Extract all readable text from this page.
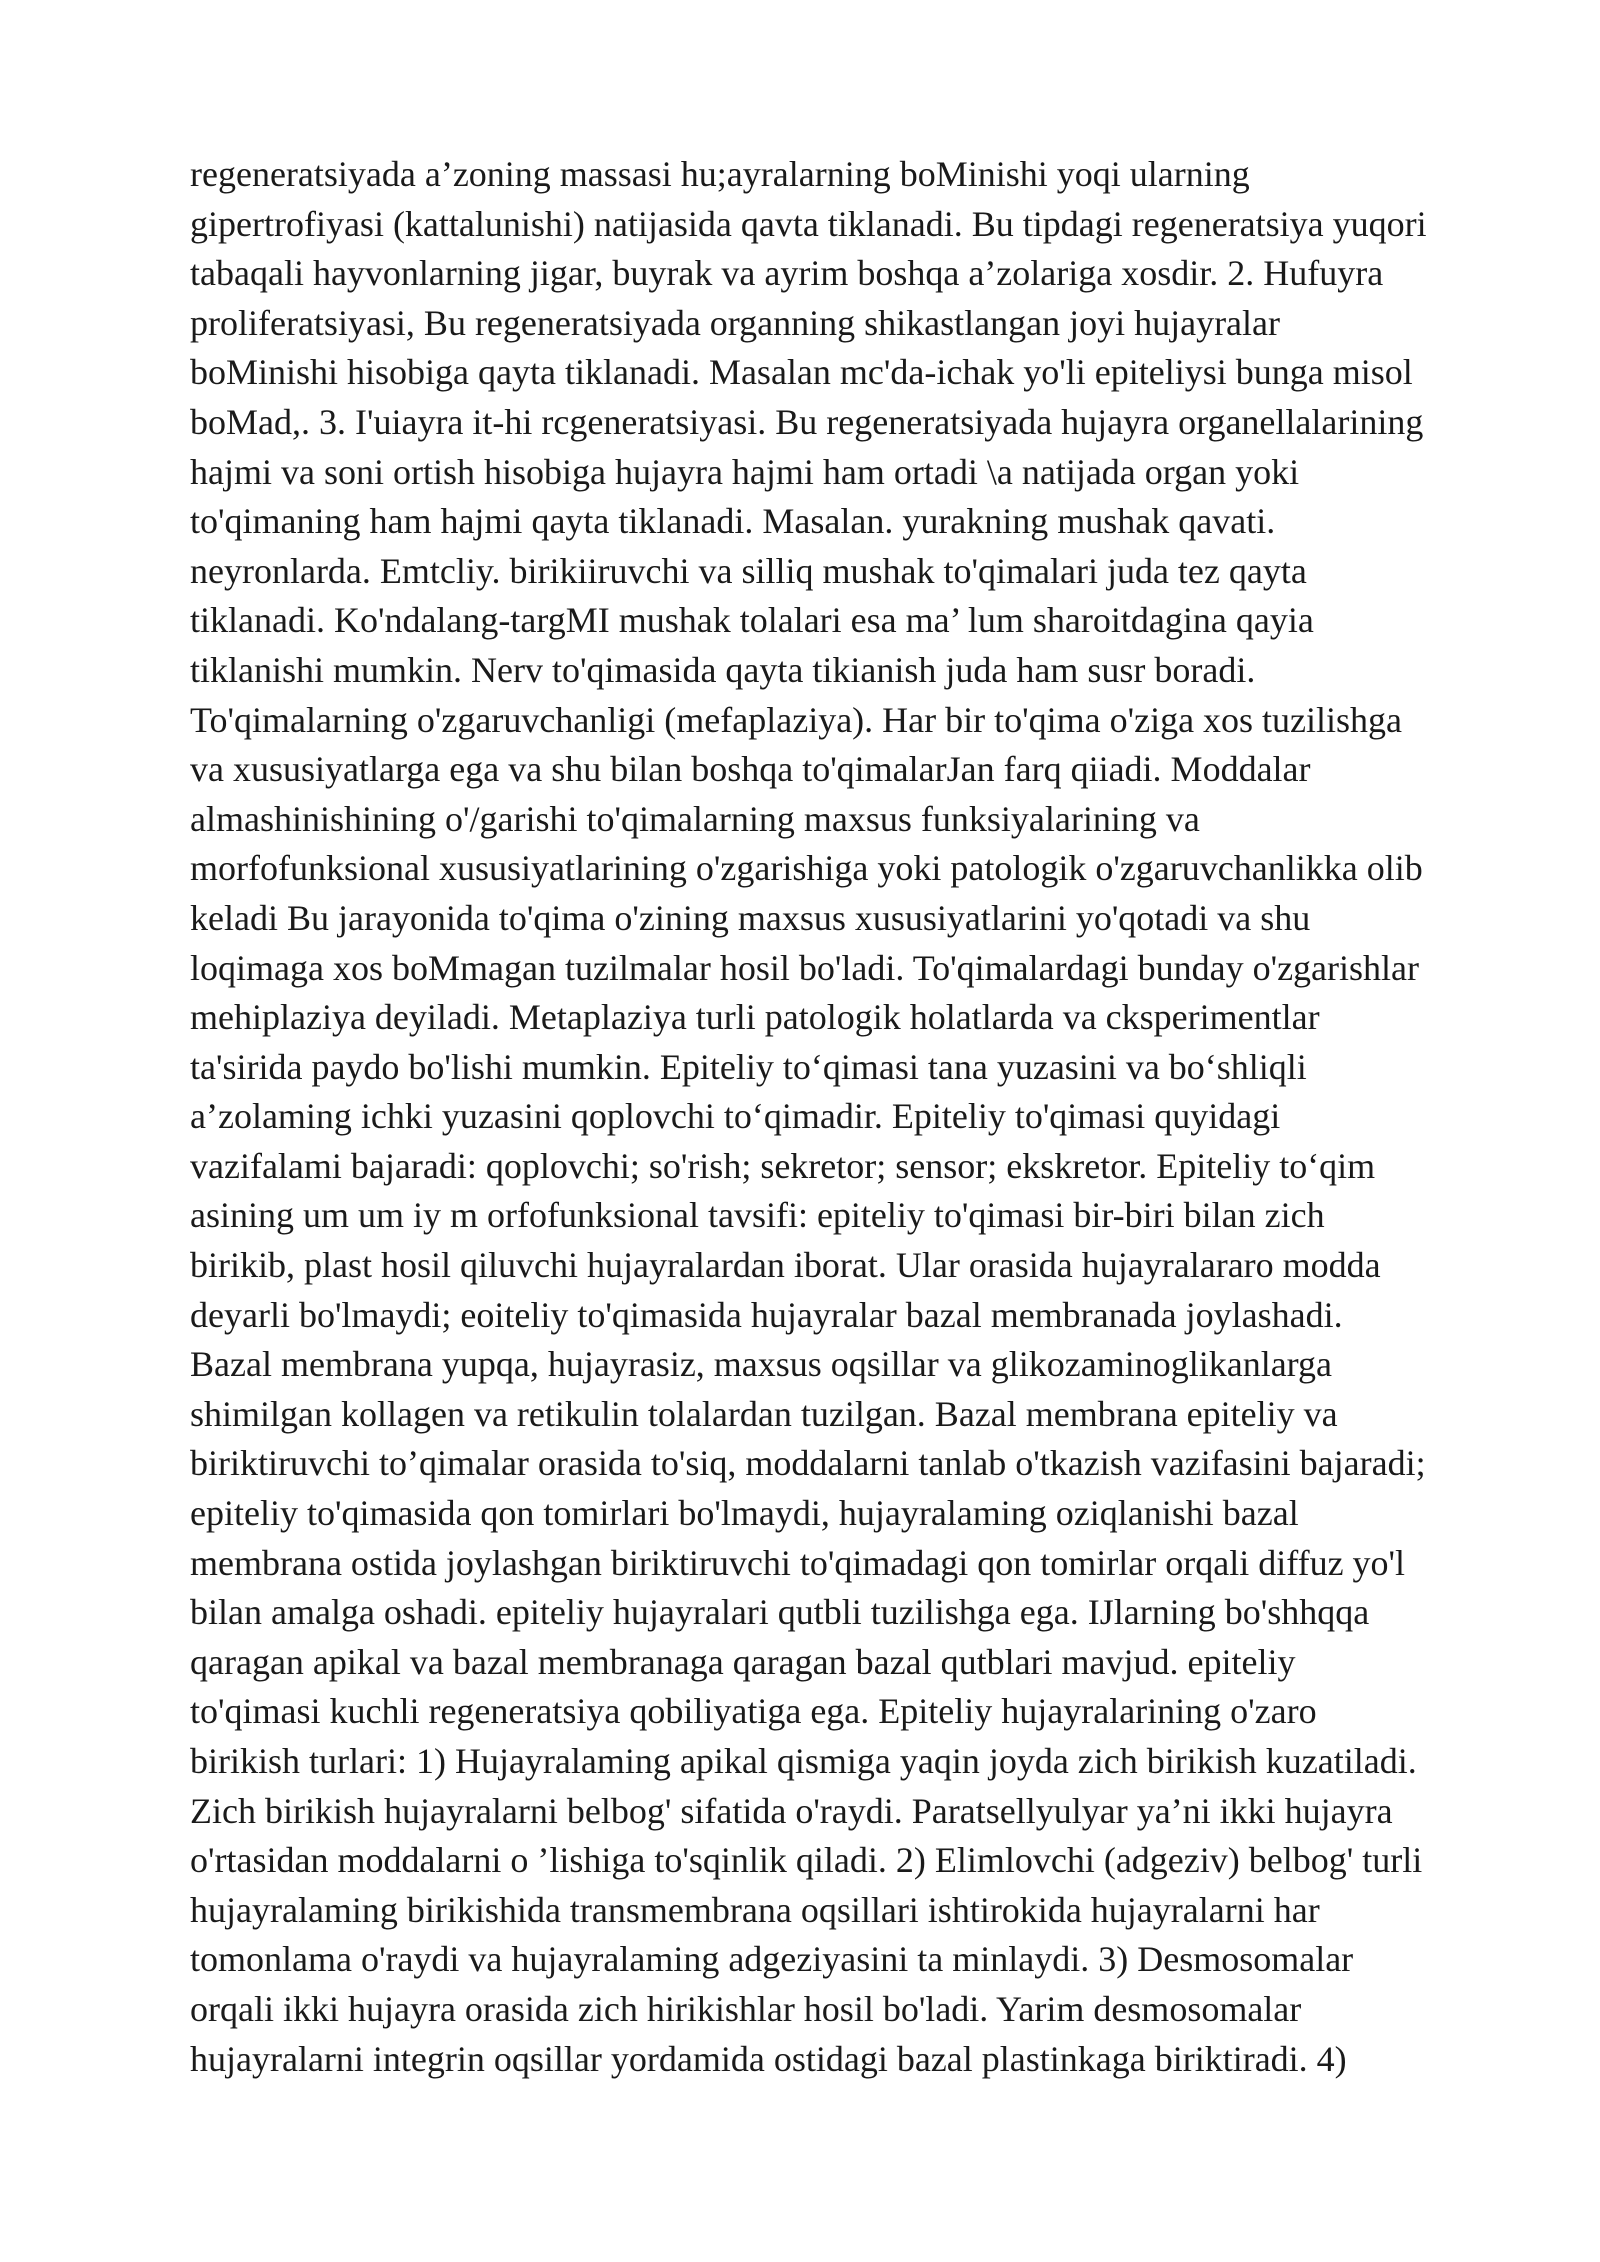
regeneratsiyada a’zoning massasi hu;ayralarning boMinishi yoqi ularning
gipertrofiyasi (kattalunishi) natijasida qavta tiklanadi. Bu tipdagi regeneratsiya yuqori
tabaqali hayvonlarning jigar, buyrak va ayrim boshqa a’zolariga xosdir. 2. Hufuyra
proliferatsiyasi, Bu regeneratsiyada organning shikastlangan joyi hujayralar
boMinishi hisobiga qayta tiklanadi. Masalan mc'da-ichak yo'li epiteliysi bunga misol
boMad,. 3. I'uiayra it-hi rcgeneratsiyasi. Bu regeneratsiyada hujayra organellalarining
hajmi va soni ortish hisobiga hujayra hajmi ham ortadi \a natijada organ yoki
to'qimaning ham hajmi qayta tiklanadi. Masalan. yurakning mushak qavati.
neyronlarda. Emtcliy. birikiiruvchi va silliq mushak to'qimalari juda tez qayta
tiklanadi. Ko'ndalang-targMI mushak tolalari esa ma’ lum sharoitdagina qayia
tiklanishi mumkin. Nerv to'qimasida qayta tikianish juda ham susr boradi.
To'qimalarning o'zgaruvchanligi (mefaplaziya). Har bir to'qima o'ziga xos tuzilishga
va xususiyatlarga ega va shu bilan boshqa to'qimalarJan farq qiiadi. Moddalar
almashinishining o'/garishi to'qimalarning maxsus funksiyalarining va
morfofunksional xususiyatlarining o'zgarishiga yoki patologik o'zgaruvchanlikka olib
keladi Bu jarayonida to'qima o'zining maxsus xususiyatlarini yo'qotadi va shu
loqimaga xos boMmagan tuzilmalar hosil bo'ladi. To'qimalardagi bunday o'zgarishlar
mehiplaziya deyiladi. Metaplaziya turli patologik holatlarda va cksperimentlar
ta'sirida paydo bo'lishi mumkin. Epiteliy to‘qimasi tana yuzasini va bo‘shliqli
a’zolaming ichki yuzasini qoplovchi to‘qimadir. Epiteliy to'qimasi quyidagi
vazifalami bajaradi: qoplovchi; so'rish; sekretor; sensor; ekskretor. Epiteliy to‘qim
asining um um iy m orfofunksional tavsifi: epiteliy to'qimasi bir-biri bilan zich
birikib, plast hosil qiluvchi hujayralardan iborat. Ular orasida hujayralararo modda
deyarli bo'lmaydi; eoiteliy to'qimasida hujayralar bazal membranada joylashadi.
Bazal membrana yupqa, hujayrasiz, maxsus oqsillar va glikozaminoglikanlarga
shimilgan kollagen va retikulin tolalardan tuzilgan. Bazal membrana epiteliy va
biriktiruvchi to’qimalar orasida to'siq, moddalarni tanlab o'tkazish vazifasini bajaradi;
epiteliy to'qimasida qon tomirlari bo'lmaydi, hujayralaming oziqlanishi bazal
membrana ostida joylashgan biriktiruvchi to'qimadagi qon tomirlar orqali diffuz yo'l
bilan amalga oshadi. epiteliy hujayralari qutbli tuzilishga ega. IJlarning bo'shhqqa
qaragan apikal va bazal membranaga qaragan bazal qutblari mavjud. epiteliy
to'qimasi kuchli regeneratsiya qobiliyatiga ega. Epiteliy hujayralarining o'zaro
birikish turlari: 1) Hujayralaming apikal qismiga yaqin joyda zich birikish kuzatiladi.
Zich birikish hujayralarni belbog' sifatida o'raydi. Paratsellyulyar ya’ni ikki hujayra
o'rtasidan moddalarni o ’lishiga to'sqinlik qiladi. 2) Elimlovchi (adgeziv) belbog' turli
hujayralaming birikishida transmembrana oqsillari ishtirokida hujayralarni har
tomonlama o'raydi va hujayralaming adgeziyasini ta minlaydi. 3) Desmosomalar
orqali ikki hujayra orasida zich hirikishlar hosil bo'ladi. Yarim desmosomalar
hujayralarni integrin oqsillar yordamida ostidagi bazal plastinkaga biriktiradi. 4)
